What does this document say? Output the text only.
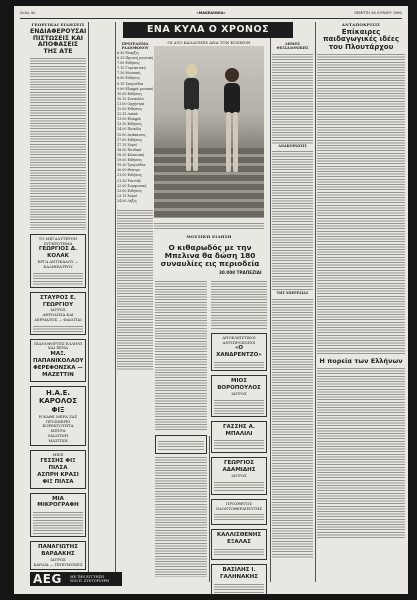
Σελίς 4η	«ΜΑΚΕΔΟΝΙΑ»	ΠΕΜΠΤΗ 28 ΙΟΥΝΙΟΥ 1962
ΓΕΩΡΓΙΚΑΙ ΕΙΔΗΣΕΙΣ
ΕΝΔΙΑΦΕΡΟΥΣΑΙ ΠΙΣΤΩΣΕΙΣ ΚΑΙ ΑΠΟΦΑΣΕΙΣ ΤΗΣ ΑΤΕ
ΤΟ ΜΕΓΑΛΥΤΕΡΟΝ ΣΥΓΚΡΟΤΗΜΑ
ΓΕΩΡΓΙΟΣ Δ. ΚΟΛΑΚ
ΕΡΓΑ ΑΝΤΙΚΑΔΟΥ — ΚΑΛΙΘΕΑΤΡΟΥ
ΣΤΑΥΡΟΣ Ε. ΓΕΩΡΓΙΟΥ
ΙΑΤΡΟΣ
ΑΦΡΟΔΙΣΙΑ ΚΑΙ ΔΕΡΜΑΤΟΣ — ΦΑΙΛΙΤΑΙ
ΠΙΑΝΟΦΟΡΤΕΣ ΕΛΛΗΝΙ ΚΑΙ ΞΕΝΑ
ΜΑΞ. ΠΑΠΑΝΙΚΟΛΑΟΥ
ΦΕΡΕΦΟΝΣΚΑ — ΜΑΖΕΤΤΙΝ
Η.Α.Ε. ΚΑΡΟΛΟΣ ΦΙΞ
Η ΚΑΘΕ ΜΕΡΑ ΣΑΣ ΠΡΟΣΦΕΡΕΙ
ΚΟΡΕΚΤΟΤΗΤΑ
ΜΠΥΡΑ
ΜΑΛΤΙΝΗ
ΜΑΣΤΙΧΗ
ΜΕΙΞ
ΓΕΣΣΗΣ ΦΙΞ ΠΙΛΣΑ
ΑΣΠΡΗ ΚΡΑΣΙ ΦΙΞ ΠΙΛΣΑ
ΜΙΑ ΜΙΚΡΟΓΡΑΦΗ
ΠΑΝΑΓΙΩΤΗΣ ΒΑΡΔΑΚΗΣ
ΙΑΤΡΟΣ
ΚΑΡΔΙΑ — ΠΝΕΥΜΟΝΕΣ
AEG ΜΕ ΤΗΝ ΕΓΓΥΗΣΗ
ΥΙΟΙ Π. ΣΥΝΤΟΡΟΥΡΗ
ΠΡΟΓΡΑΜΜΑ ΡΑΔΙΟΦΩΝΟΥ
6.30 Εναρξις
6.35 Πρωινή μουσική
7.00 Ειδήσεις
7.15 Γυμναστική
7.30 Μουσική
8.00 Ειδήσεις
8.15 Τραγούδια
9.00 Ελαφρά μουσική
10.00 Ειδήσεις
10.15 Συναυλία
11.00 Ορχήστρα
12.00 Ειδήσεις
12.15 Λαϊκά
13.00 Ελαφρά
13.30 Ειδήσεις
14.00 Ποικίλη
15.00 Ανάπαυσις
17.00 Ειδήσεις
17.15 Χοροί
18.00 Παιδικό
18.30 Κλασσική
19.00 Ειδήσεις
19.30 Τραγούδια
20.00 Θέατρο
21.00 Ειδήσεις
21.30 Ρεσιτάλ
22.00 Συμφωνική
23.00 Ειδήσεις
23.15 Χοροί
24.00 Λήξις
ΕΝΑ ΚΥΛΑ Ο ΧΡΟΝΟΣ
ΟΙ ΔΥΟ ΚΑΛΛΟΝΕΣ ΑΝΑ ΤΟΝ ΚΟΣΜΟΝ
ΜΟΥΣΙΚΗ ΕΙΔΗΣΗ
Ο κιθαρωδός με την Μπελινα θα δώση 180 συναυλίες εις περιοδεία
30.000 ΤΡΑΠΕΖΙΑΙ
ΑΠΟΚΛΕΙΣΤΙΚΟΙ ΑΝΤΙΠΡΟΣΩΠΟΙ
«Ο ΧΑΝΔΡΕΝΤΖΟ»
ΜΙΟΣ ΒΟΡΟΠΟΥΛΟΣ
ΙΑΤΡΟΣ
ΓΑΣΣΗΣ Α. ΜΠΑΛΙΛΙ
ΓΕΩΡΓΙΟΣ ΑΔΑΜΙΔΗΣ
ΙΑΤΡΟΣ
ΠΡΟΣΘΕΤΟΣ ΟΔΟΝΤΟΘΕΡΑΠΕΥΤΗΣ
ΚΑΛΛΙΣΘΕΝΗΣ ΕΞΑΛΑΣ
ΒΑΣΙΛΗΣ Ι. ΓΑΛΗΝΑΚΗΣ
ΔΗΜΟΣ ΘΕΣΣΑΛΟΝΙΚΗΣ
ΑΝΑΚΟΙΝΩΣΙΣ
ΤΗΣ ΥΠΕΡΕΣΙΑΣ
ΑΝΤΑΠΟΚΡΙΣΙΣ
Επίκαιρες παιδαγωγικές ιδέες του Πλουτάρχου
Η πορεία των Ελλήνων
